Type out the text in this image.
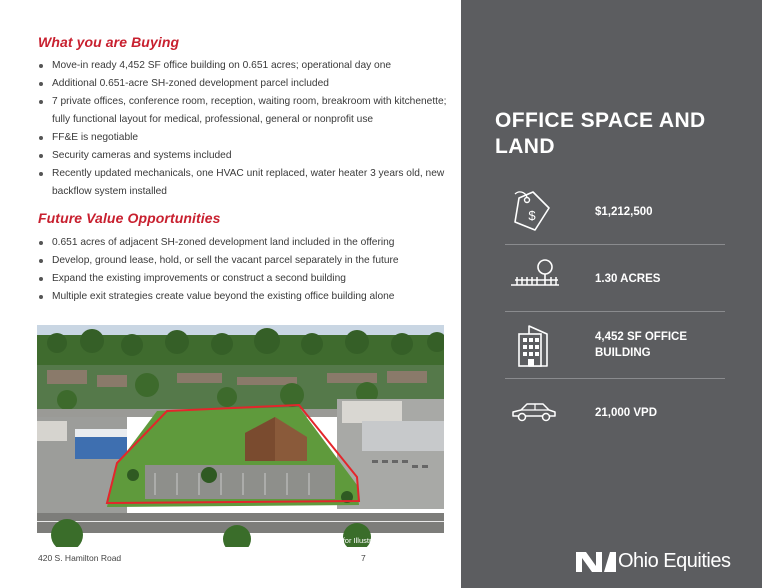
What you are Buying
Move-in ready 4,452 SF office building on 0.651 acres; operational day one
Additional 0.651-acre SH-zoned development parcel included
7 private offices, conference room, reception, waiting room, breakroom with kitchenette; fully functional layout for medical, professional, general or nonprofit use
FF&E is negotiable
Security cameras and systems included
Recently updated mechanicals, one HVAC unit replaced, water heater 3 years old, new backflow system installed
Future Value Opportunities
0.651 acres of adjacent SH-zoned development land included in the offering
Develop, ground lease, hold, or sell the vacant parcel separately in the future
Expand the existing improvements or construct a second building
Multiple exit strategies create value beyond the existing office building alone
Red Outline for Illustration Purposes Only
420 S. Hamilton Road	7
OFFICE SPACE AND LAND
$	$1,212,500
1.30 ACRES
4,452 SF OFFICE BUILDING
21,000 VPD
Ohio Equities
